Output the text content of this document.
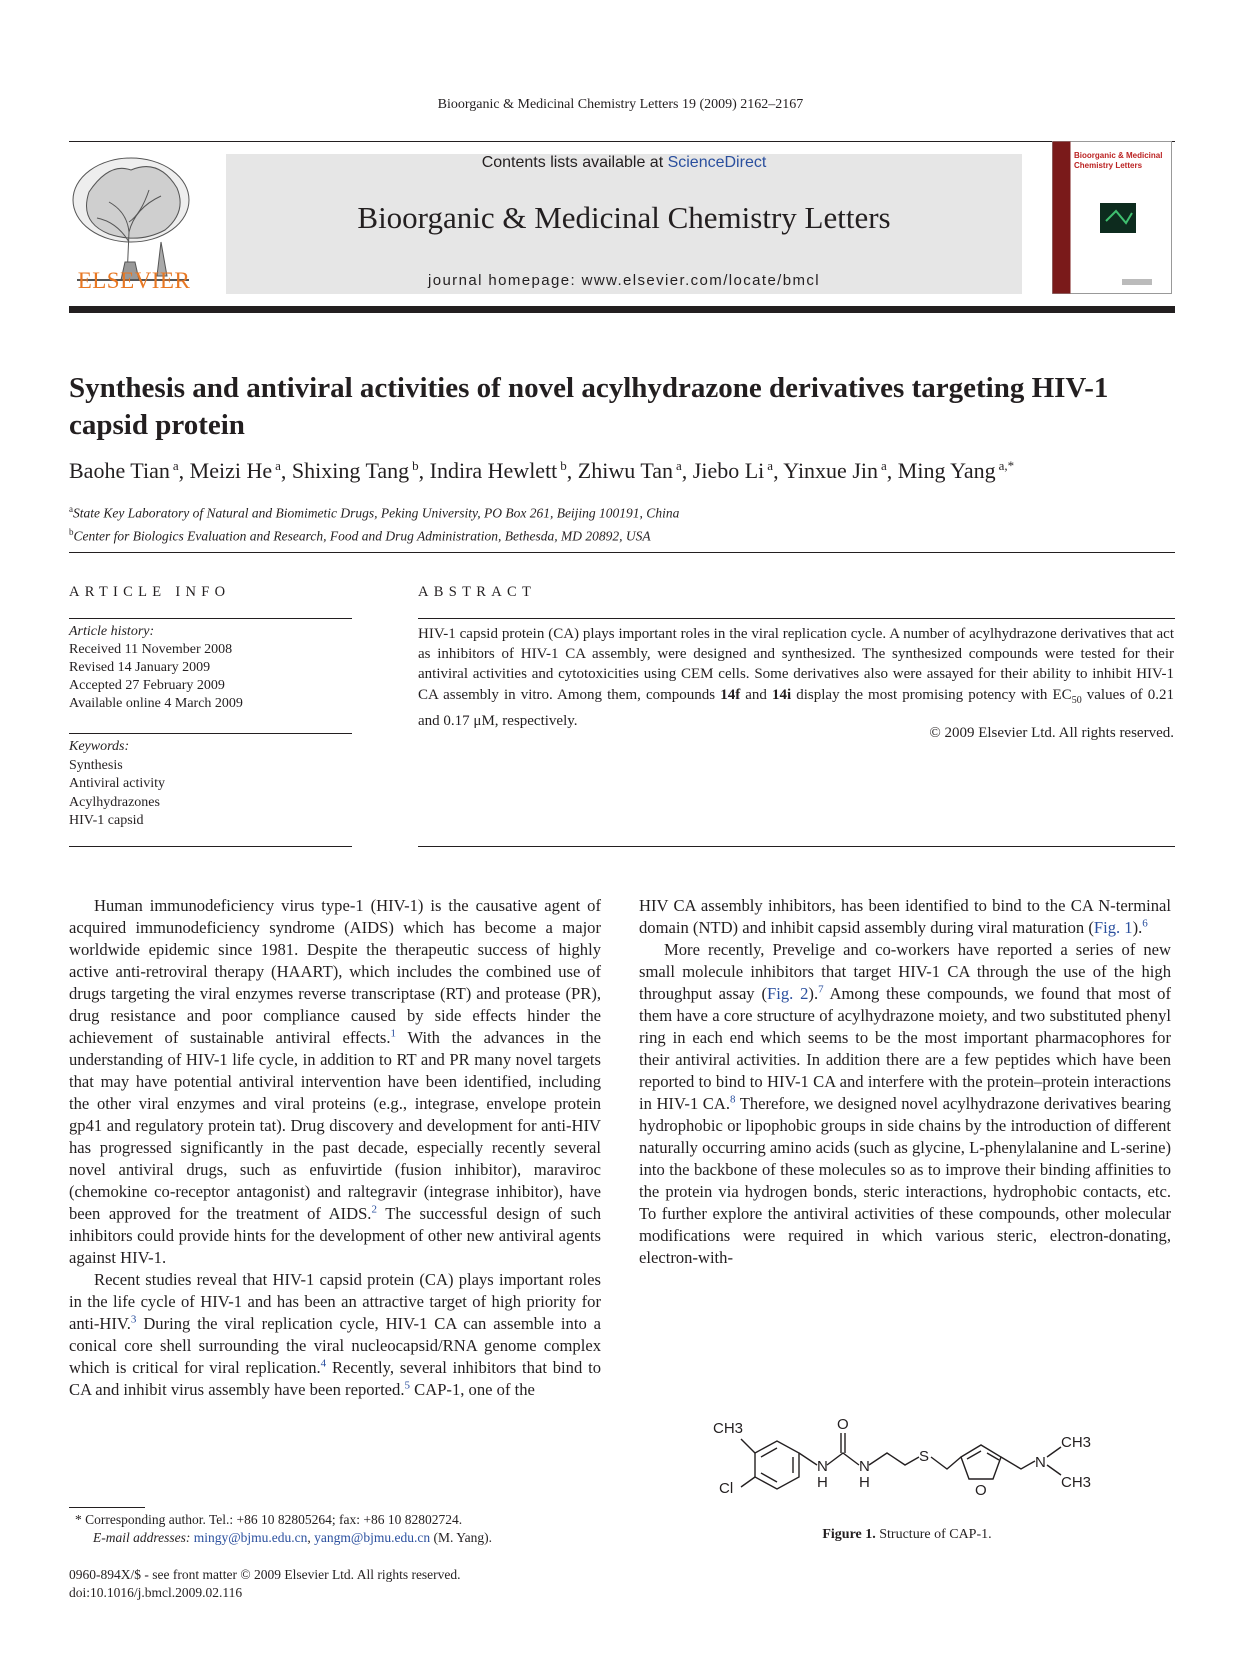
Bioorganic & Medicinal Chemistry Letters 19 (2009) 2162–2167
ELSEVIER
Contents lists available at ScienceDirect
Bioorganic & Medicinal Chemistry Letters
journal homepage: www.elsevier.com/locate/bmcl
Bioorganic & Medicinal Chemistry Letters
Synthesis and antiviral activities of novel acylhydrazone derivatives targeting HIV-1 capsid protein
Baohe Tian $^a$, Meizi He $^a$, Shixing Tang $^b$, Indira Hewlett $^b$, Zhiwu Tan $^a$, Jiebo Li $^a$, Yinxue Jin $^a$, Ming Yang $^{a,*}$
$^a$State Key Laboratory of Natural and Biomimetic Drugs, Peking University, PO Box 261, Beijing 100191, China
$^b$Center for Biologics Evaluation and Research, Food and Drug Administration, Bethesda, MD 20892, USA
ARTICLE INFO
Article history:
Received 11 November 2008
Revised 14 January 2009
Accepted 27 February 2009
Available online 4 March 2009
Keywords:
Synthesis
Antiviral activity
Acylhydrazones
HIV-1 capsid
ABSTRACT
HIV-1 capsid protein (CA) plays important roles in the viral replication cycle. A number of acylhydrazone derivatives that act as inhibitors of HIV-1 CA assembly, were designed and synthesized. The synthesized compounds were tested for their antiviral activities and cytotoxicities using CEM cells. Some derivatives also were assayed for their ability to inhibit HIV-1 CA assembly in vitro. Among them, compounds 14f and 14i display the most promising potency with $EC_{50}$ values of 0.21 and 0.17 μM, respectively.
© 2009 Elsevier Ltd. All rights reserved.

Human immunodeficiency virus type-1 (HIV-1) is the causative agent of acquired immunodeficiency syndrome (AIDS) which has become a major worldwide epidemic since 1981. Despite the therapeutic success of highly active anti-retroviral therapy (HAART), which includes the combined use of drugs targeting the viral enzymes reverse transcriptase (RT) and protease (PR), drug resistance and poor compliance caused by side effects hinder the achievement of sustainable antiviral effects.$^1$ With the advances in the understanding of HIV-1 life cycle, in addition to RT and PR many novel targets that may have potential antiviral intervention have been identified, including the other viral enzymes and viral proteins (e.g., integrase, envelope protein gp41 and regulatory protein tat). Drug discovery and development for anti-HIV has progressed significantly in the past decade, especially recently several novel antiviral drugs, such as enfuvirtide (fusion inhibitor), maraviroc (chemokine co-receptor antagonist) and raltegravir (integrase inhibitor), have been approved for the treatment of AIDS.$^2$ The successful design of such inhibitors could provide hints for the development of other new antiviral agents against HIV-1.

Recent studies reveal that HIV-1 capsid protein (CA) plays important roles in the life cycle of HIV-1 and has been an attractive target of high priority for anti-HIV.$^3$ During the viral replication cycle, HIV-1 CA can assemble into a conical core shell surrounding the viral nucleocapsid/RNA genome complex which is critical for viral replication.$^4$ Recently, several inhibitors that bind to CA and inhibit virus assembly have been reported.$^5$ CAP-1, one of the

HIV CA assembly inhibitors, has been identified to bind to the CA N-terminal domain (NTD) and inhibit capsid assembly during viral maturation (Fig. 1).$^6$

More recently, Prevelige and co-workers have reported a series of new small molecule inhibitors that target HIV-1 CA through the use of the high throughput assay (Fig. 2).$^7$ Among these compounds, we found that most of them have a core structure of acylhydrazone moiety, and two substituted phenyl ring in each end which seems to be the most important pharmacophores for their antiviral activities. In addition there are a few peptides which have been reported to bind to HIV-1 CA and interfere with the protein–protein interactions in HIV-1 CA.$^8$ Therefore, we designed novel acylhydrazone derivatives bearing hydrophobic or lipophobic groups in side chains by the introduction of different naturally occurring amino acids (such as glycine, L-phenylalanine and L-serine) into the backbone of these molecules so as to improve their binding affinities to the protein via hydrogen bonds, steric interactions, hydrophobic contacts, etc. To further explore the antiviral activities of these compounds, other molecular modifications were required in which various steric, electron-donating, electron-with-

CH3
Cl
O
N
H
N
H
S
O
N
CH3
CH3
Figure 1. Structure of CAP-1.
* Corresponding author. Tel.: +86 10 82805264; fax: +86 10 82802724.
E-mail addresses: mingy@bjmu.edu.cn, yangm@bjmu.edu.cn (M. Yang).
0960-894X/$ - see front matter © 2009 Elsevier Ltd. All rights reserved.
doi:10.1016/j.bmcl.2009.02.116
